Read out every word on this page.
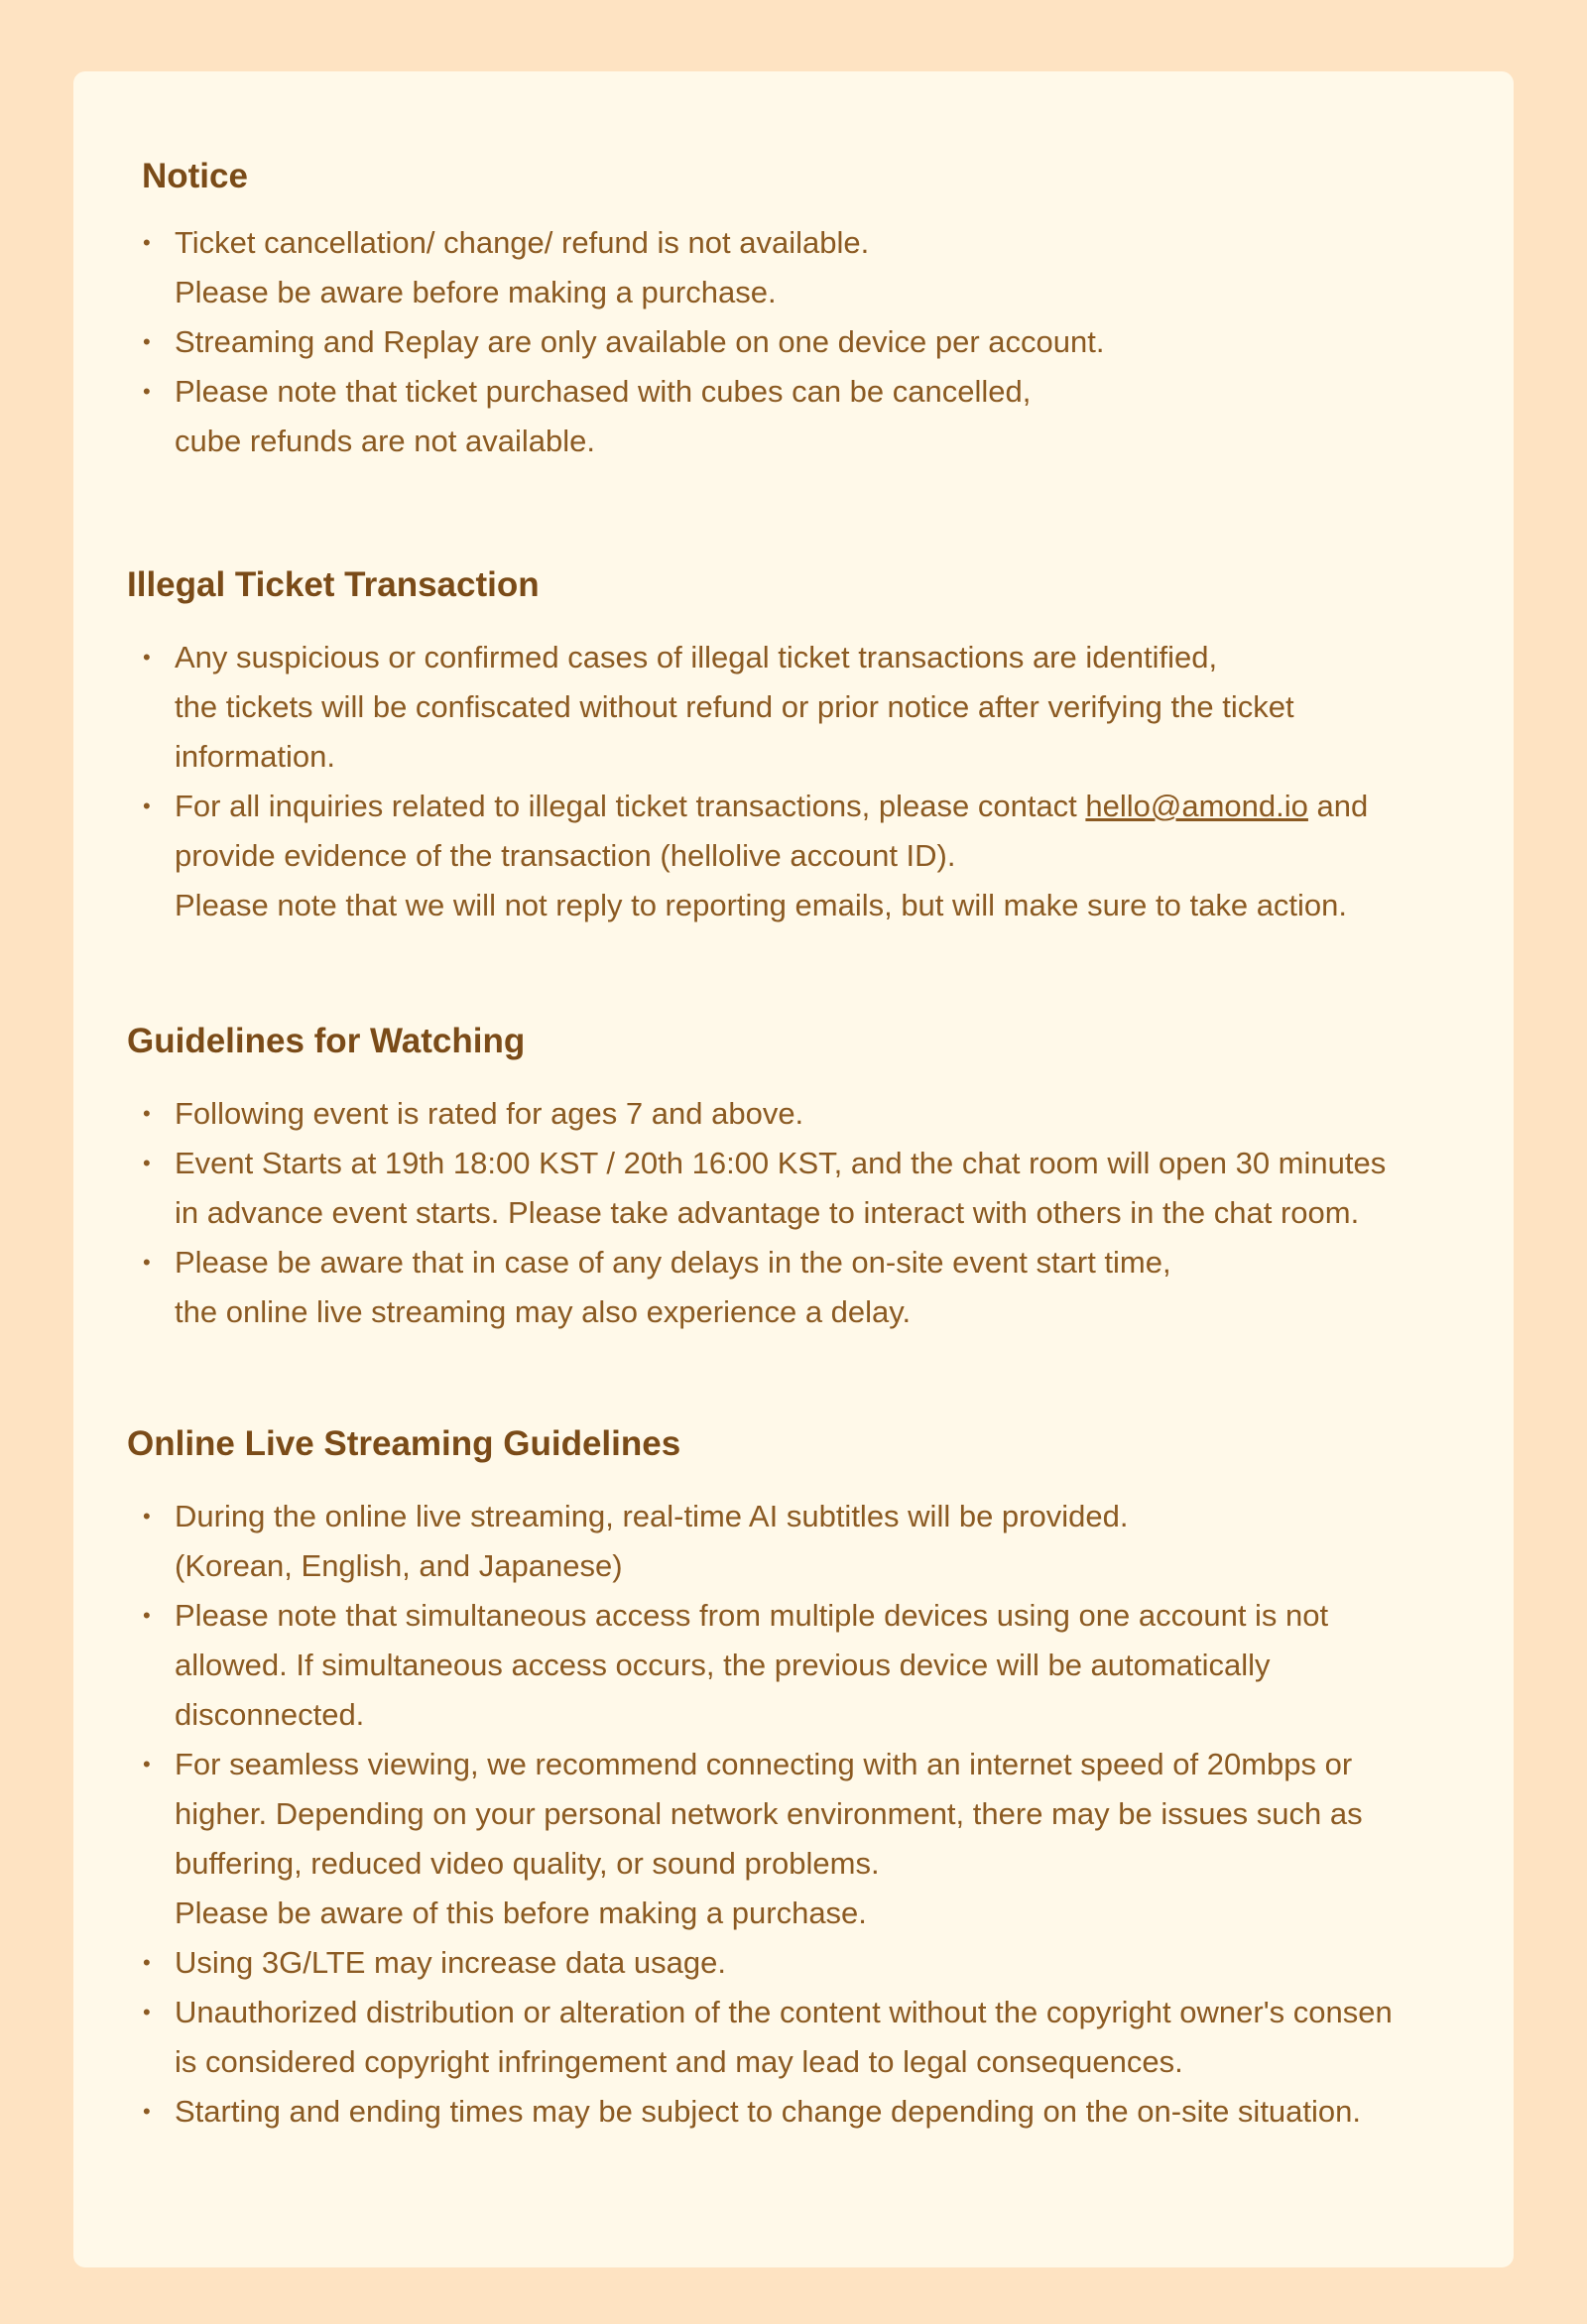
Notice
• Ticket cancellation/ change/ refund is not available.
Please be aware before making a purchase.
• Streaming and Replay are only available on one device per account.
• Please note that ticket purchased with cubes can be cancelled,
cube refunds are not available.
Illegal Ticket Transaction
• Any suspicious or confirmed cases of illegal ticket transactions are identified,
the tickets will be confiscated without refund or prior notice after verifying the ticket
information.
• For all inquiries related to illegal ticket transactions, please contact hello@amond.io and
provide evidence of the transaction (hellolive account ID).
Please note that we will not reply to reporting emails, but will make sure to take action.
Guidelines for Watching
• Following event is rated for ages 7 and above.
• Event Starts at 19th 18:00 KST / 20th 16:00 KST, and the chat room will open 30 minutes
in advance event starts. Please take advantage to interact with others in the chat room.
• Please be aware that in case of any delays in the on-site event start time,
the online live streaming may also experience a delay.
Online Live Streaming Guidelines
• During the online live streaming, real-time AI subtitles will be provided.
(Korean, English, and Japanese)
• Please note that simultaneous access from multiple devices using one account is not
allowed. If simultaneous access occurs, the previous device will be automatically
disconnected.
• For seamless viewing, we recommend connecting with an internet speed of 20mbps or
higher. Depending on your personal network environment, there may be issues such as
buffering, reduced video quality, or sound problems.
Please be aware of this before making a purchase.
• Using 3G/LTE may increase data usage.
• Unauthorized distribution or alteration of the content without the copyright owner's consen
is considered copyright infringement and may lead to legal consequences.
• Starting and ending times may be subject to change depending on the on-site situation.
